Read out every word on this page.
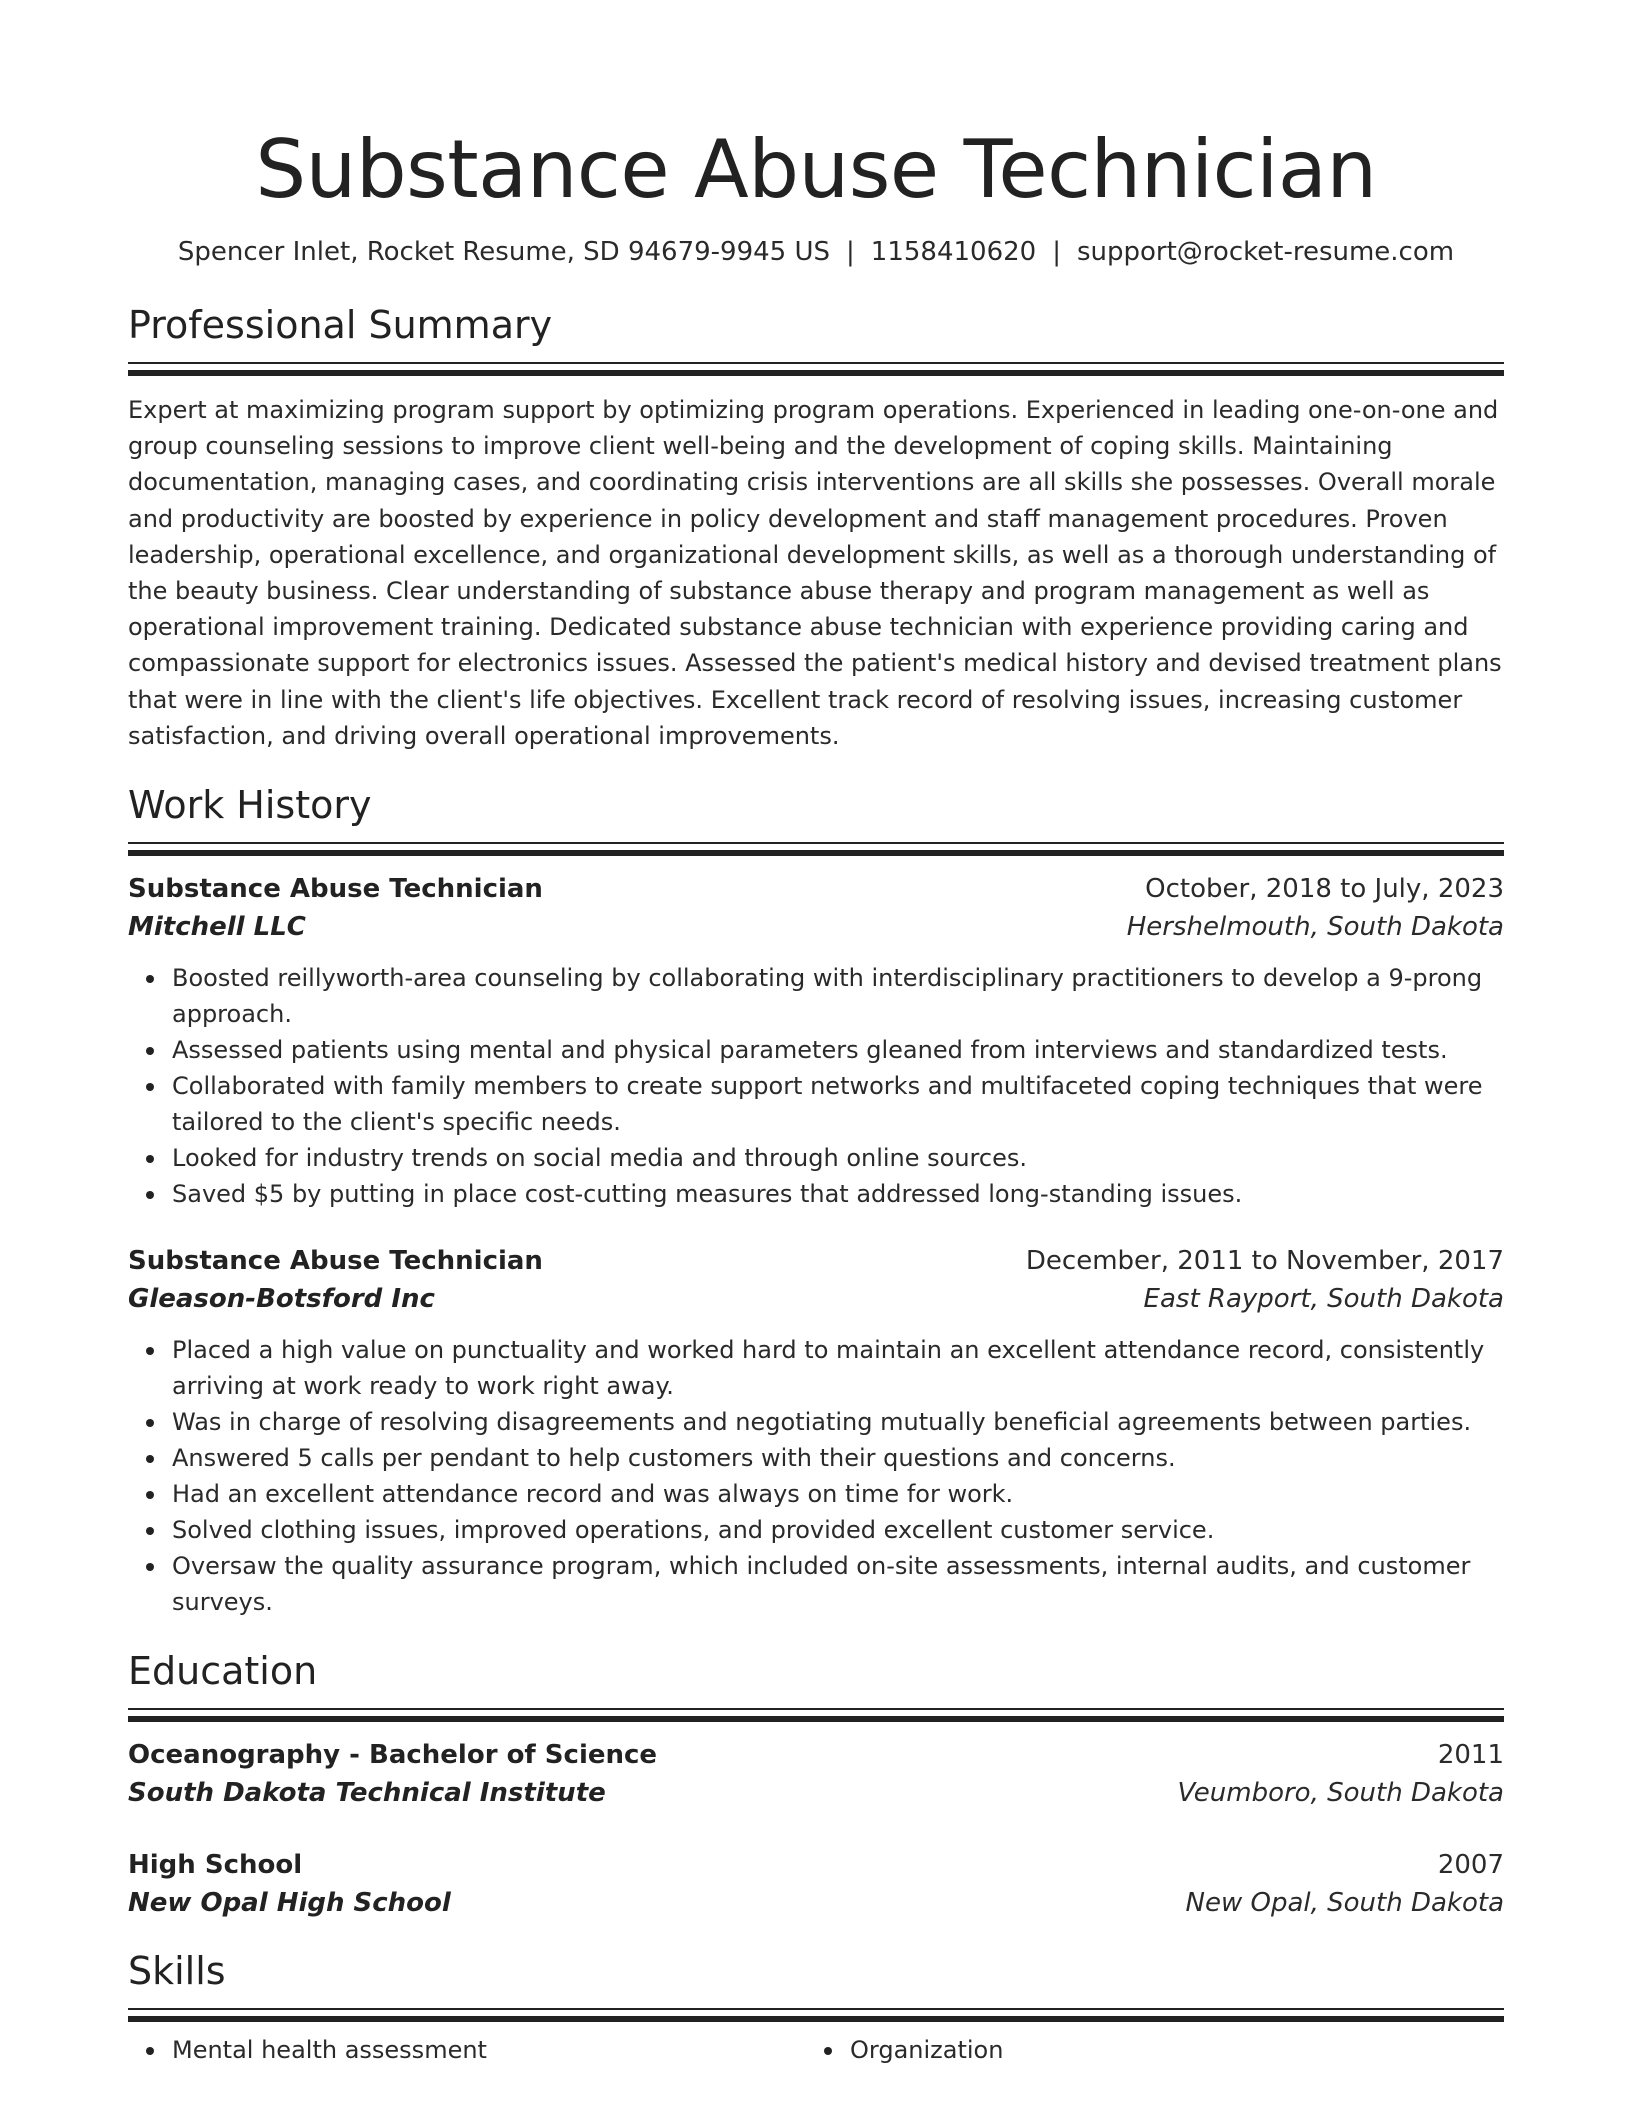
Substance Abuse Technician
Spencer Inlet, Rocket Resume, SD 94679-9945 US | 1158410620 | support@rocket-resume.com
Professional Summary

Expert at maximizing program support by optimizing program operations. Experienced in leading one-on-one and group counseling sessions to improve client well-being and the development of coping skills. Maintaining documentation, managing cases, and coordinating crisis interventions are all skills she possesses. Overall morale and productivity are boosted by experience in policy development and staff management procedures. Proven leadership, operational excellence, and organizational development skills, as well as a thorough understanding of the beauty business. Clear understanding of substance abuse therapy and program management as well as operational improvement training. Dedicated substance abuse technician with experience providing caring and compassionate support for electronics issues. Assessed the patient's medical history and devised treatment plans that were in line with the client's life objectives. Excellent track record of resolving issues, increasing customer satisfaction, and driving overall operational improvements.

Work History
Substance Abuse Technician	October, 2018 to July, 2023
Mitchell LLC	Hershelmouth, South Dakota
Boosted reillyworth-area counseling by collaborating with interdisciplinary practitioners to develop a 9-prong approach.
Assessed patients using mental and physical parameters gleaned from interviews and standardized tests.
Collaborated with family members to create support networks and multifaceted coping techniques that were tailored to the client's specific needs.
Looked for industry trends on social media and through online sources.
Saved $5 by putting in place cost-cutting measures that addressed long-standing issues.
Substance Abuse Technician	December, 2011 to November, 2017
Gleason-Botsford Inc	East Rayport, South Dakota
Placed a high value on punctuality and worked hard to maintain an excellent attendance record, consistently arriving at work ready to work right away.
Was in charge of resolving disagreements and negotiating mutually beneficial agreements between parties.
Answered 5 calls per pendant to help customers with their questions and concerns.
Had an excellent attendance record and was always on time for work.
Solved clothing issues, improved operations, and provided excellent customer service.
Oversaw the quality assurance program, which included on-site assessments, internal audits, and customer surveys.
Education
Oceanography - Bachelor of Science	2011
South Dakota Technical Institute	Veumboro, South Dakota
High School	2007
New Opal High School	New Opal, South Dakota
Skills
Mental health assessment	Organization
